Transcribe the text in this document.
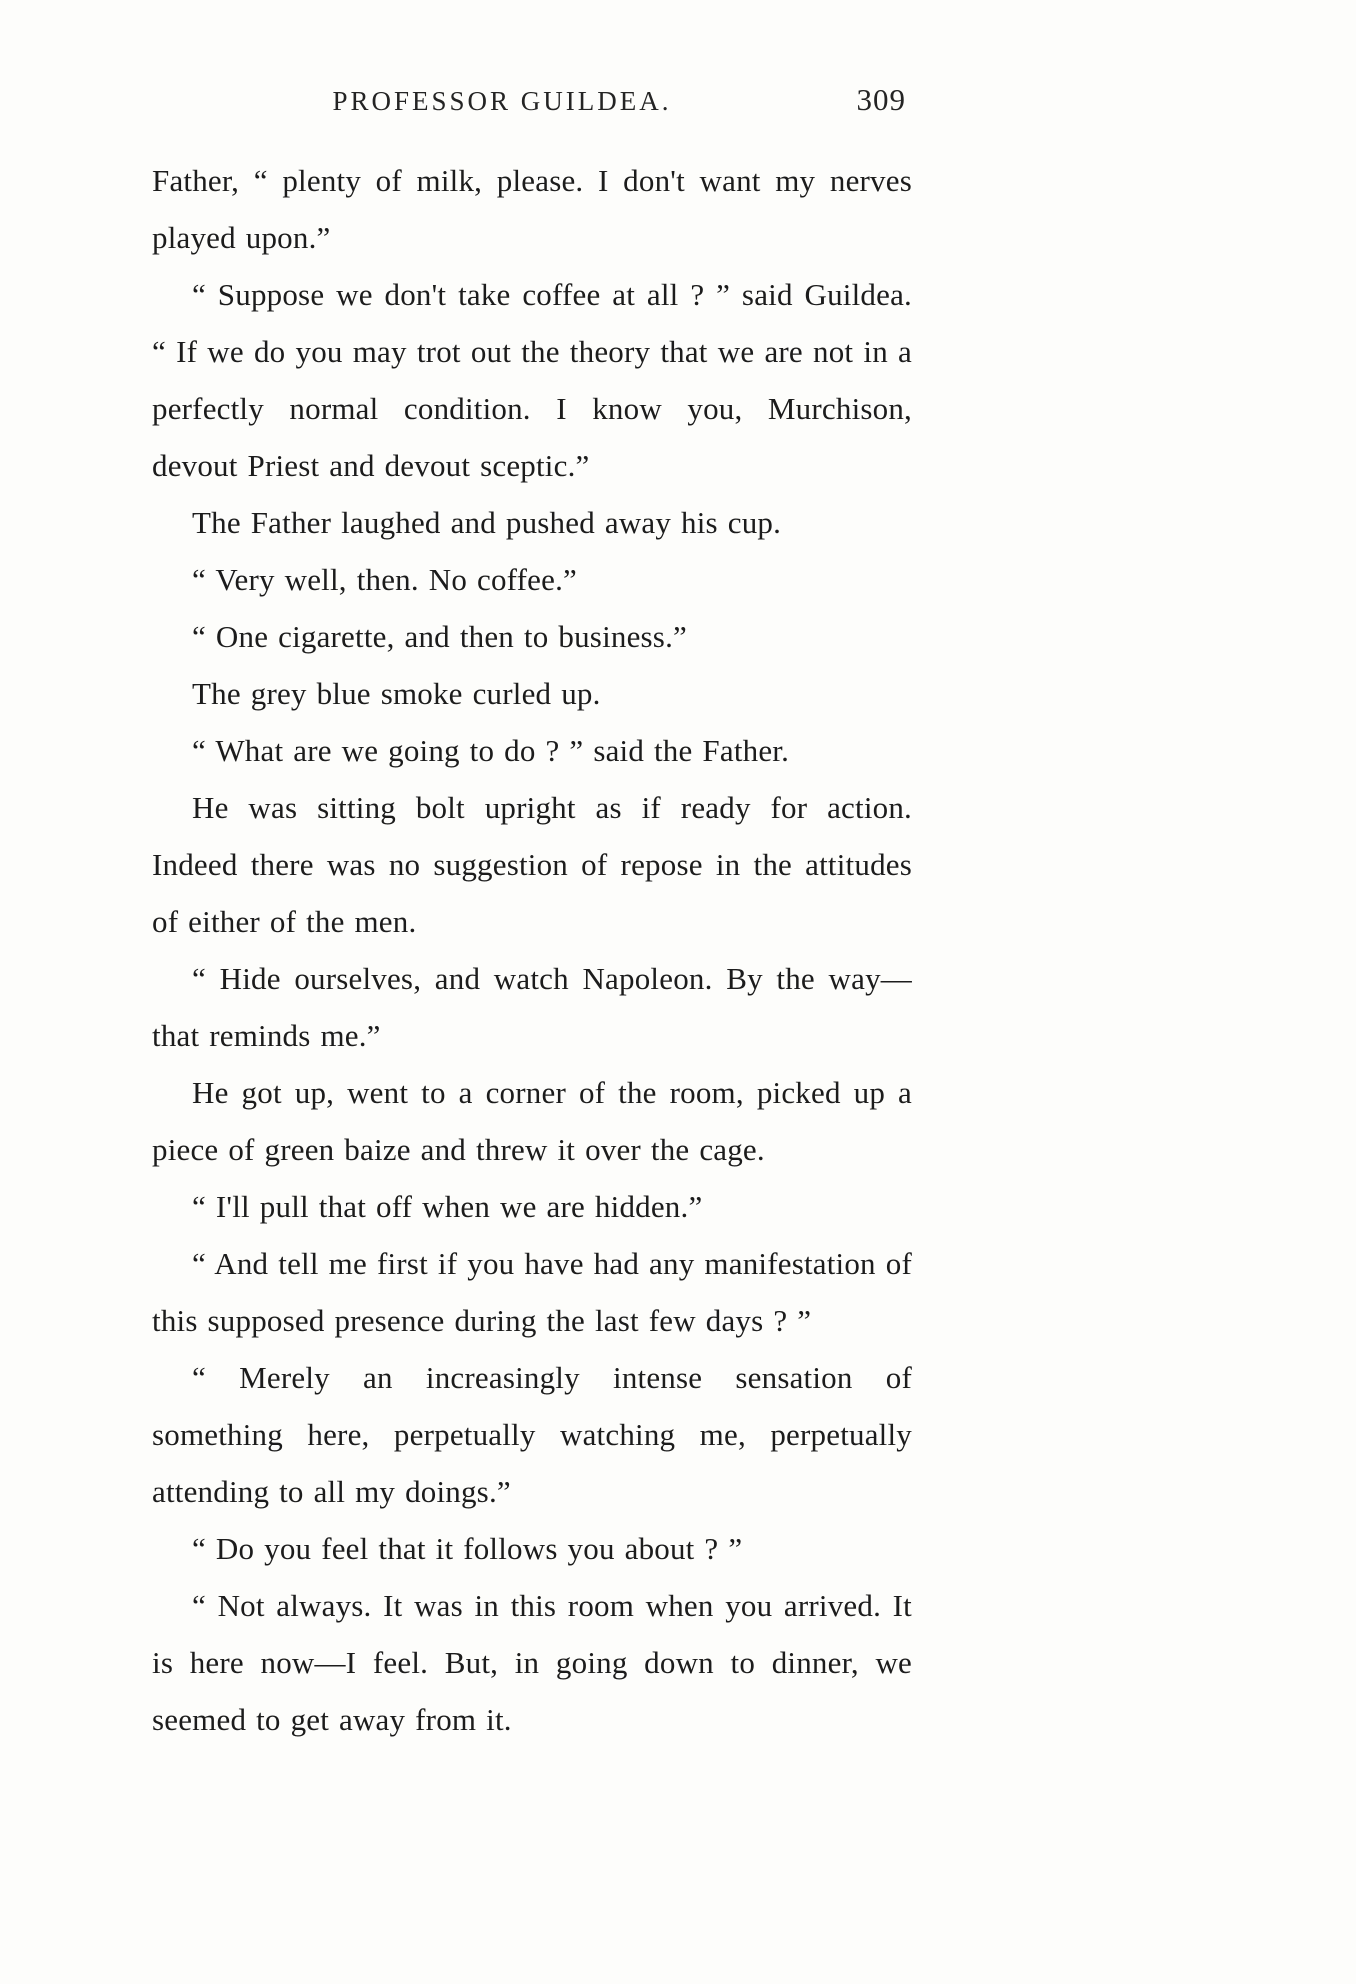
PROFESSOR GUILDEA.	309

Father, “ plenty of milk, please. I don't want my nerves played upon.”

“ Suppose we don't take coffee at all ? ” said Guildea. “ If we do you may trot out the theory that we are not in a perfectly normal condition. I know you, Murchison, devout Priest and devout sceptic.”

The Father laughed and pushed away his cup.

“ Very well, then. No coffee.”

“ One cigarette, and then to business.”

The grey blue smoke curled up.

“ What are we going to do ? ” said the Father.

He was sitting bolt upright as if ready for action. Indeed there was no suggestion of repose in the attitudes of either of the men.

“ Hide ourselves, and watch Napoleon. By the way—that reminds me.”

He got up, went to a corner of the room, picked up a piece of green baize and threw it over the cage.

“ I'll pull that off when we are hidden.”

“ And tell me first if you have had any manifestation of this supposed presence during the last few days ? ”

“ Merely an increasingly intense sensation of something here, perpetually watching me, perpetually attending to all my doings.”

“ Do you feel that it follows you about ? ”

“ Not always. It was in this room when you arrived. It is here now—I feel. But, in going down to dinner, we seemed to get away from it.
